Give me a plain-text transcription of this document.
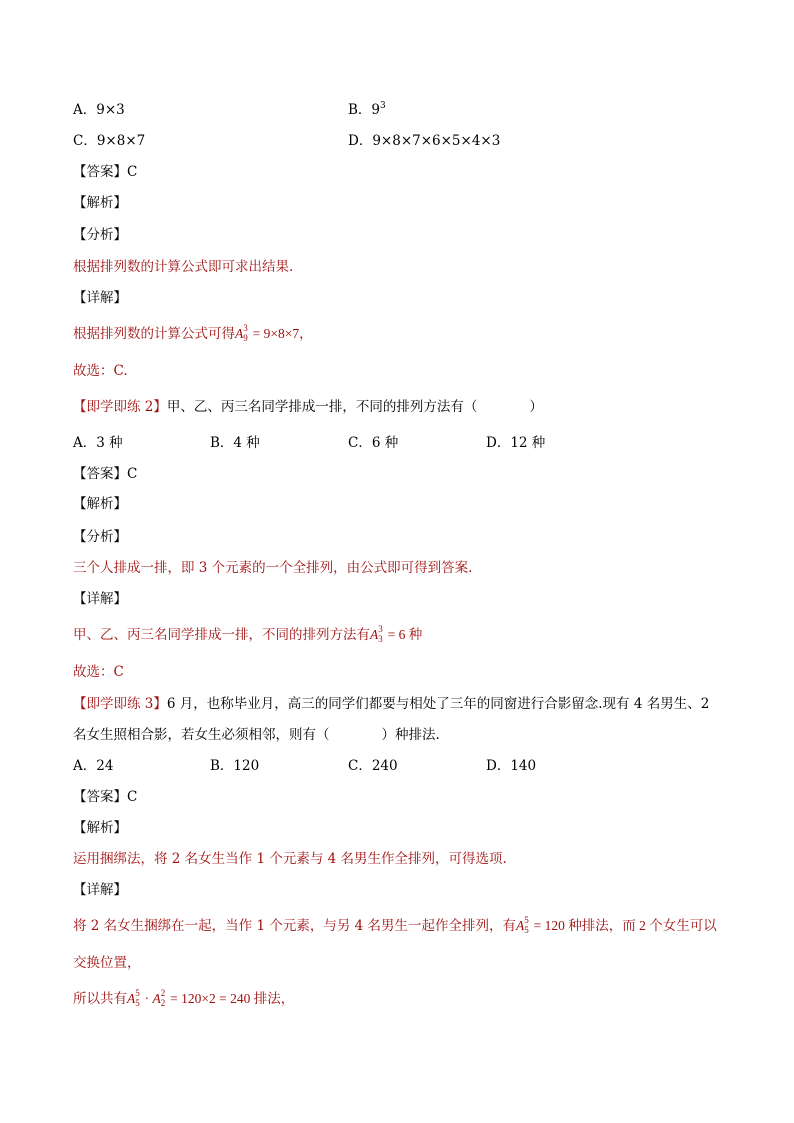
A．9×3	B．93
C．9×8×7	D．9×8×7×6×5×4×3
【答案】C
【解析】
【分析】
根据排列数的计算公式即可求出结果.
【详解】
根据排列数的计算公式可得A 3
9 = 9×8×7，
故选：C.
【即学即练 2】甲、乙、丙三名同学排成一排，不同的排列方法有（	）
A．3 种	B．4 种	C．6 种	D．12 种
【答案】C
【解析】
【分析】
三个人排成一排，即 3 个元素的一个全排列，由公式即可得到答案.
【详解】
甲、乙、丙三名同学排成一排，不同的排列方法有A 3
3 = 6 种
故选：C
【即学即练 3】6 月，也称毕业月，高三的同学们都要与相处了三年的同窗进行合影留念.现有 4 名男生、2
名女生照相合影，若女生必须相邻，则有（	）种排法.
A．24	B．120	C．240	D．140
【答案】C
【解析】
运用捆绑法，将 2 名女生当作 1 个元素与 4 名男生作全排列，可得选项.
【详解】
将 2 名女生捆绑在一起，当作 1 个元素，与另 4 名男生一起作全排列，有A 5
5 = 120 种排法，而 2 个女生可以
交换位置，
所以共有A 5
5 · A 2
2 = 120×2 = 240 排法，
